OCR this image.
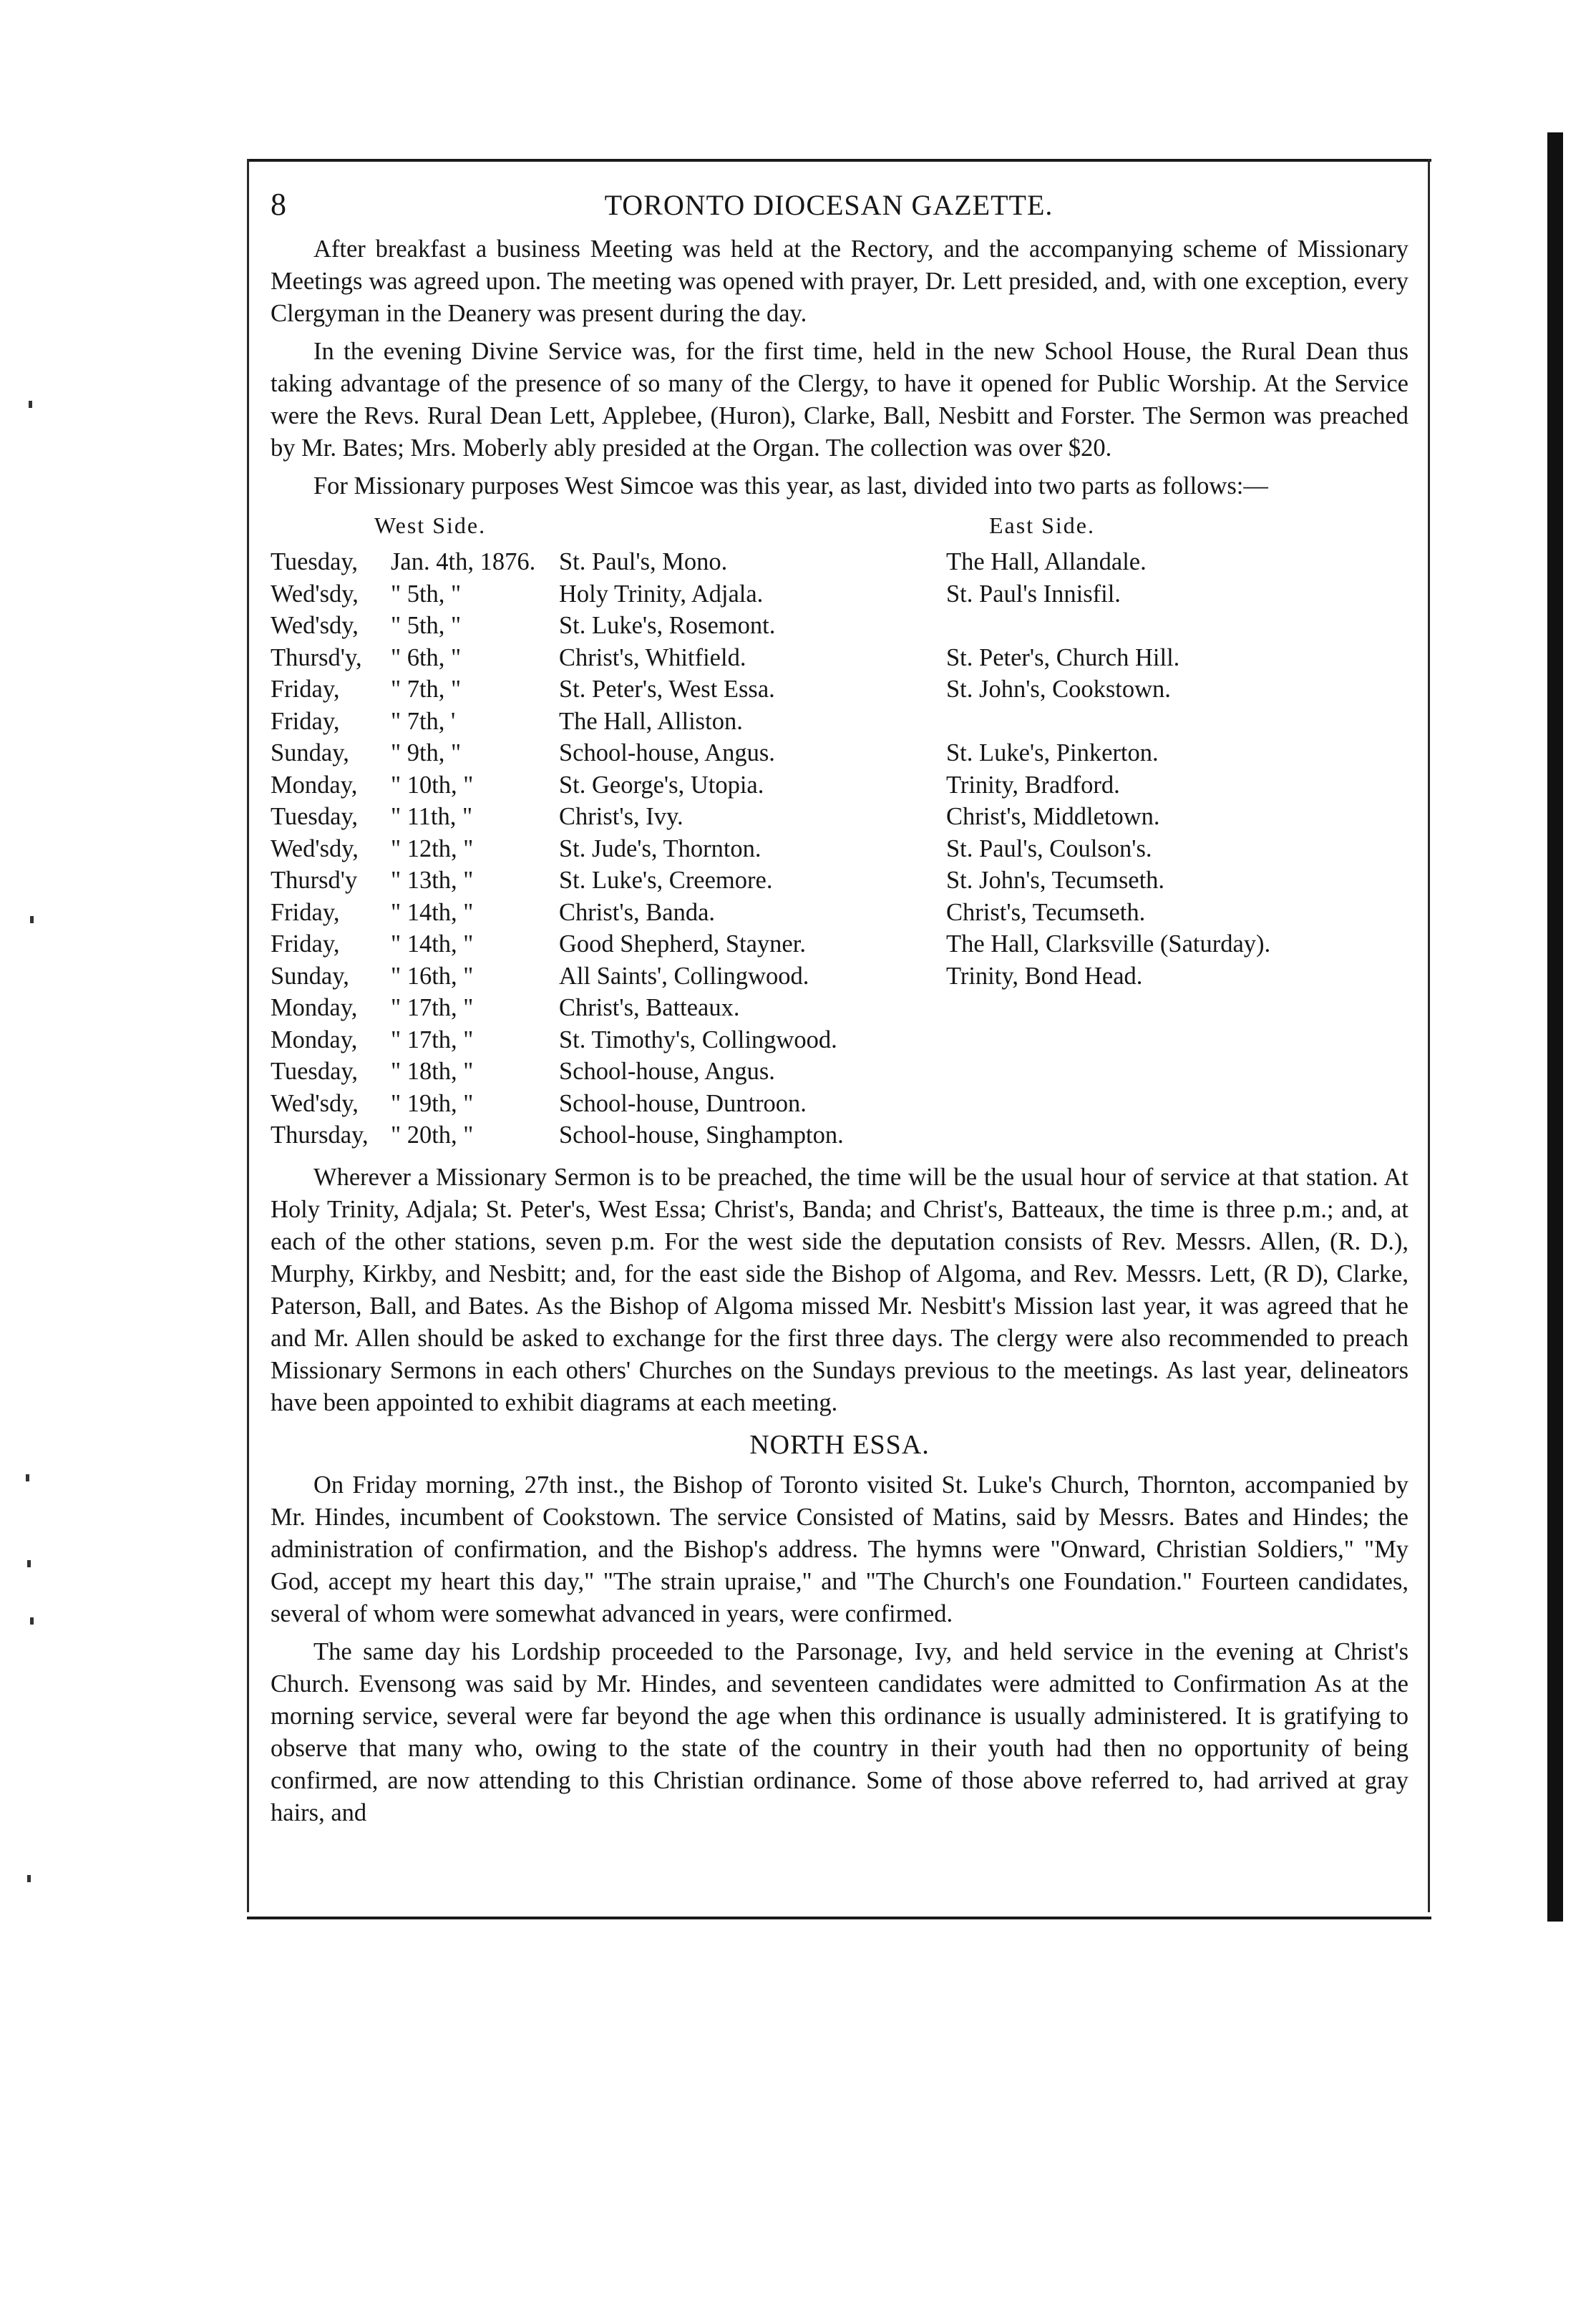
8	TORONTO DIOCESAN GAZETTE.

After breakfast a business Meeting was held at the Rectory, and the accompanying scheme of Missionary Meetings was agreed upon. The meeting was opened with prayer, Dr. Lett presided, and, with one exception, every Clergyman in the Deanery was present during the day.

In the evening Divine Service was, for the first time, held in the new School House, the Rural Dean thus taking advantage of the presence of so many of the Clergy, to have it opened for Public Worship. At the Service were the Revs. Rural Dean Lett, Applebee, (Huron), Clarke, Ball, Nesbitt and Forster. The Sermon was preached by Mr. Bates; Mrs. Moberly ably presided at the Organ. The collection was over $20.

For Missionary purposes West Simcoe was this year, as last, divided into two parts as follows:—

West Side.	East Side.
Tuesday,	Jan. 4th, 1876. St. Paul's, Mono.	The Hall, Allandale.
Wed'sdy,	" 5th, "	Holy Trinity, Adjala.	St. Paul's Innisfil.
Wed'sdy,	" 5th, "	St. Luke's, Rosemont.
Thursd'y,	" 6th, "	Christ's, Whitfield.	St. Peter's, Church Hill.
Friday,	" 7th, "	St. Peter's, West Essa.	St. John's, Cookstown.
Friday,	" 7th, '	The Hall, Alliston.
Sunday,	" 9th, "	School-house, Angus.	St. Luke's, Pinkerton.
Monday,	" 10th, "	St. George's, Utopia.	Trinity, Bradford.
Tuesday,	" 11th, "	Christ's, Ivy.	Christ's, Middletown.
Wed'sdy,	" 12th, "	St. Jude's, Thornton.	St. Paul's, Coulson's.
Thursd'y	" 13th, "	St. Luke's, Creemore.	St. John's, Tecumseth.
Friday,	" 14th, "	Christ's, Banda.	Christ's, Tecumseth.
Friday,	" 14th, "	Good Shepherd, Stayner.	The Hall, Clarksville (Saturday).
Sunday,	" 16th, "	All Saints', Collingwood.	Trinity, Bond Head.
Monday,	" 17th, "	Christ's, Batteaux.
Monday,	" 17th, "	St. Timothy's, Collingwood.
Tuesday,	" 18th, "	School-house, Angus.
Wed'sdy,	" 19th, "	School-house, Duntroon.
Thursday, " 20th, "	School-house, Singhampton.

Wherever a Missionary Sermon is to be preached, the time will be the usual hour of service at that station. At Holy Trinity, Adjala; St. Peter's, West Essa; Christ's, Banda; and Christ's, Batteaux, the time is three p.m.; and, at each of the other stations, seven p.m. For the west side the deputation consists of Rev. Messrs. Allen, (R. D.), Murphy, Kirkby, and Nesbitt; and, for the east side the Bishop of Algoma, and Rev. Messrs. Lett, (R D), Clarke, Paterson, Ball, and Bates. As the Bishop of Algoma missed Mr. Nesbitt's Mission last year, it was agreed that he and Mr. Allen should be asked to exchange for the first three days. The clergy were also recommended to preach Missionary Sermons in each others' Churches on the Sundays previous to the meetings. As last year, delineators have been appointed to exhibit diagrams at each meeting.

NORTH ESSA.

On Friday morning, 27th inst., the Bishop of Toronto visited St. Luke's Church, Thornton, accompanied by Mr. Hindes, incumbent of Cookstown. The service Consisted of Matins, said by Messrs. Bates and Hindes; the administration of confirmation, and the Bishop's address. The hymns were "Onward, Christian Soldiers," "My God, accept my heart this day," "The strain upraise," and "The Church's one Foundation." Fourteen candidates, several of whom were somewhat advanced in years, were confirmed.

The same day his Lordship proceeded to the Parsonage, Ivy, and held service in the evening at Christ's Church. Evensong was said by Mr. Hindes, and seventeen candidates were admitted to Confirmation As at the morning service, several were far beyond the age when this ordinance is usually administered. It is gratifying to observe that many who, owing to the state of the country in their youth had then no opportunity of being confirmed, are now attending to this Christian ordinance. Some of those above referred to, had arrived at gray hairs, and
